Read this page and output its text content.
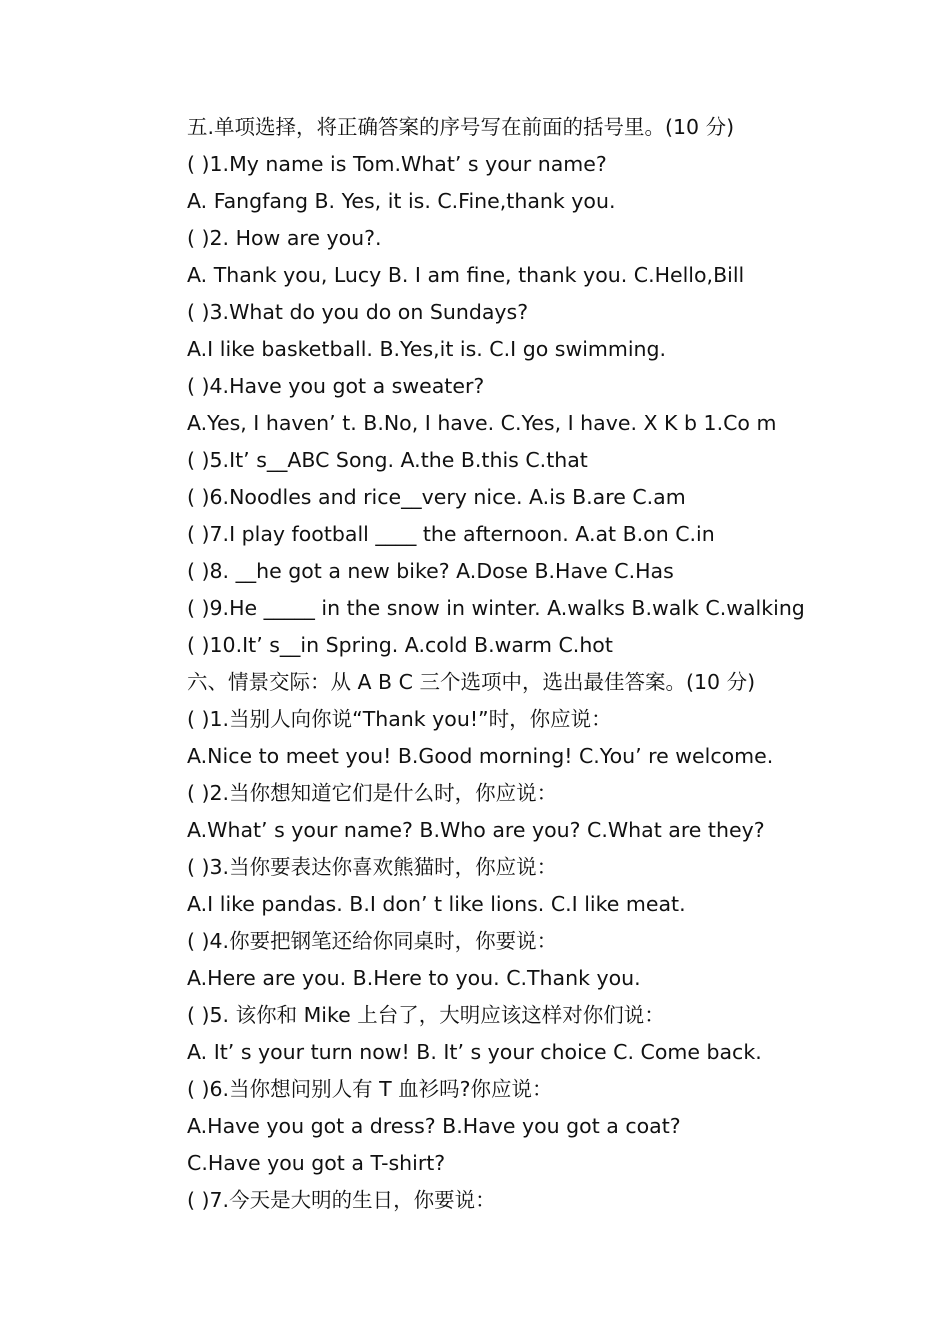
五.单项选择，将正确答案的序号写在前面的括号里。(10 分)
( )1.My name is Tom.What’ s your name?
A. Fangfang B. Yes, it is. C.Fine,thank you.
( )2. How are you?.
A. Thank you, Lucy B. I am fine, thank you. C.Hello,Bill
( )3.What do you do on Sundays?
A.I like basketball. B.Yes,it is. C.I go swimming.
( )4.Have you got a sweater?
A.Yes, I haven’ t. B.No, I have. C.Yes, I have. X K b 1.Co m
( )5.It’ s__ABC Song. A.the B.this C.that
( )6.Noodles and rice__very nice. A.is B.are C.am
( )7.I play football ____ the afternoon. A.at B.on C.in
( )8. __he got a new bike? A.Dose B.Have C.Has
( )9.He _____ in the snow in winter. A.walks B.walk C.walking
( )10.It’ s__in Spring. A.cold B.warm C.hot
六、情景交际：从 A B C 三个选项中，选出最佳答案。(10 分)
( )1.当别人向你说“Thank you!”时，你应说：
A.Nice to meet you! B.Good morning! C.You’ re welcome.
( )2.当你想知道它们是什么时，你应说：
A.What’ s your name? B.Who are you? C.What are they?
( )3.当你要表达你喜欢熊猫时，你应说：
A.I like pandas. B.I don’ t like lions. C.I like meat.
( )4.你要把钢笔还给你同桌时，你要说：
A.Here are you. B.Here to you. C.Thank you.
( )5. 该你和 Mike 上台了，大明应该这样对你们说：
A. It’ s your turn now! B. It’ s your choice C. Come back.
( )6.当你想问别人有 T 血衫吗?你应说：
A.Have you got a dress? B.Have you got a coat?
C.Have you got a T-shirt?
( )7.今天是大明的生日，你要说：
